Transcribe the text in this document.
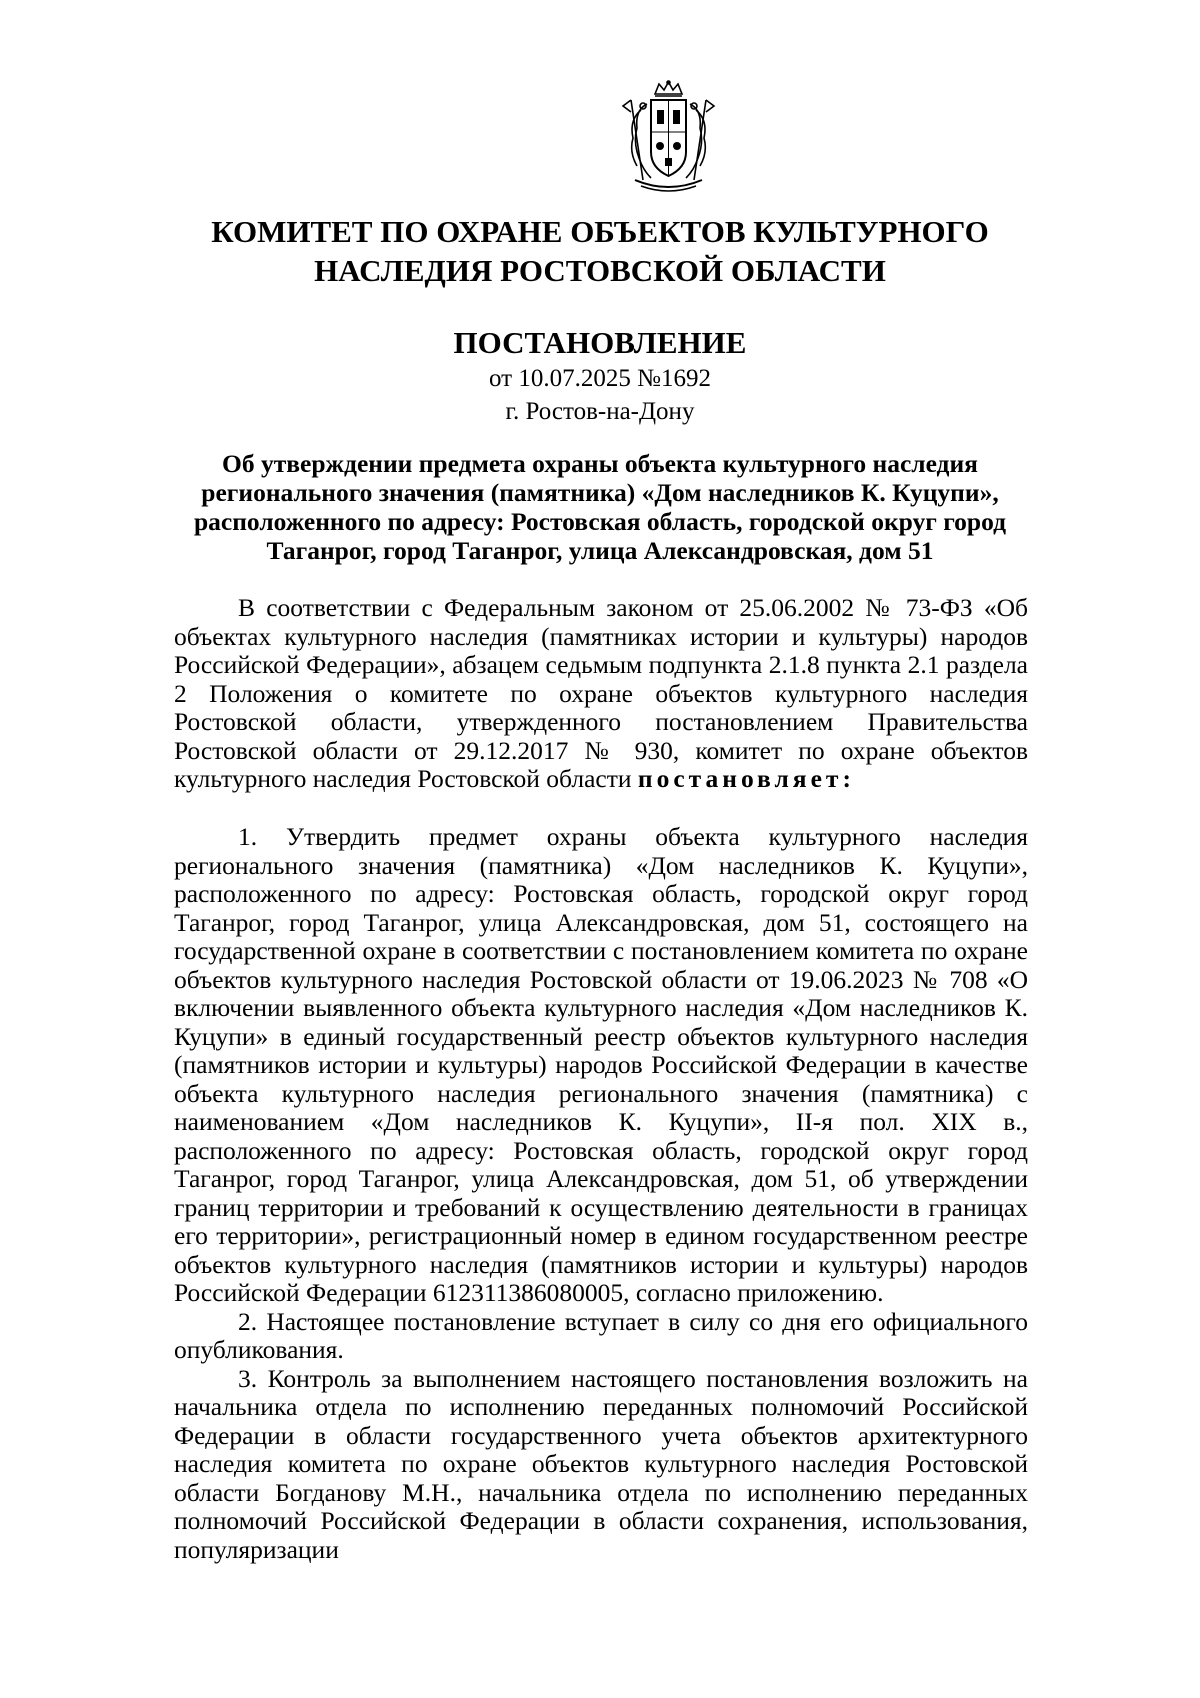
КОМИТЕТ ПО ОХРАНЕ ОБЪЕКТОВ КУЛЬТУРНОГО
НАСЛЕДИЯ РОСТОВСКОЙ ОБЛАСТИ
ПОСТАНОВЛЕНИЕ
от 10.07.2025 №1692
г. Ростов-на-Дону
Об утверждении предмета охраны объекта культурного наследия
регионального значения (памятника) «Дом наследников К. Куцупи»,
расположенного по адресу: Ростовская область, городской округ город
Таганрог, город Таганрог, улица Александровская, дом 51

В соответствии с Федеральным законом от 25.06.2002 № 73-ФЗ «Об объектах культурного наследия (памятниках истории и культуры) народов Российской Федерации», абзацем седьмым подпункта 2.1.8 пункта 2.1 раздела 2 Положения о комитете по охране объектов культурного наследия Ростовской области, утвержденного постановлением Правительства Ростовской области от 29.12.2017 № 930, комитет по охране объектов культурного наследия Ростовской области постановляет:

1. Утвердить предмет охраны объекта культурного наследия регионального значения (памятника) «Дом наследников К. Куцупи», расположенного по адресу: Ростовская область, городской округ город Таганрог, город Таганрог, улица Александровская, дом 51, состоящего на государственной охране в соответствии с постановлением комитета по охране объектов культурного наследия Ростовской области от 19.06.2023 № 708 «О включении выявленного объекта культурного наследия «Дом наследников К. Куцупи» в единый государственный реестр объектов культурного наследия (памятников истории и культуры) народов Российской Федерации в качестве объекта культурного наследия регионального значения (памятника) с наименованием «Дом наследников К. Куцупи», II-я пол. XIX в., расположенного по адресу: Ростовская область, городской округ город Таганрог, город Таганрог, улица Александровская, дом 51, об утверждении границ территории и требований к осуществлению деятельности в границах его территории», регистрационный номер в едином государственном реестре объектов культурного наследия (памятников истории и культуры) народов Российской Федерации 612311386080005, согласно приложению.

2. Настоящее постановление вступает в силу со дня его официального опубликования.

3. Контроль за выполнением настоящего постановления возложить на начальника отдела по исполнению переданных полномочий Российской Федерации в области государственного учета объектов архитектурного наследия комитета по охране объектов культурного наследия Ростовской области Богданову М.Н., начальника отдела по исполнению переданных полномочий Российской Федерации в области сохранения, использования, популяризации
